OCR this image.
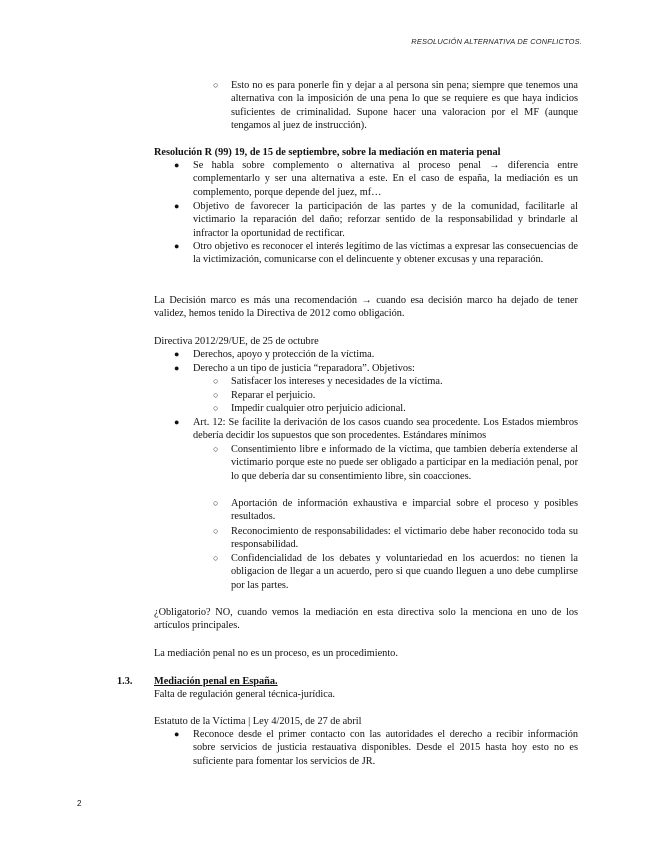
RESOLUCIÓN ALTERNATIVA DE CONFLICTOS.
○ Esto no es para ponerle fin y dejar a al persona sin pena; siempre que tenemos una alternativa con la imposición de una pena lo que se requiere es que haya indicios suficientes de criminalidad. Supone hacer una valoracion por el MF (aunque tengamos al juez de instrucción).
Resolución R (99) 19, de 15 de septiembre, sobre la mediación en materia penal
● Se habla sobre complemento o alternativa al proceso penal → diferencia entre complementarlo y ser una alternativa a este. En el caso de españa, la mediación es un complemento, porque depende del juez, mf…
● Objetivo de favorecer la participación de las partes y de la comunidad, facilitarle al victimario la reparación del daño; reforzar sentido de la responsabilidad y brindarle al infractor la oportunidad de rectificar.
● Otro objetivo es reconocer el interés legítimo de las víctimas a expresar las consecuencias de la victimización, comunicarse con el delincuente y obtener excusas y una reparación.
La Decisión marco es más una recomendación → cuando esa decisión marco ha dejado de tener validez, hemos tenido la Directiva de 2012 como obligación.
Directiva 2012/29/UE, de 25 de octubre
● Derechos, apoyo y protección de la víctima.
● Derecho a un tipo de justicia “reparadora”. Objetivos:
○ Satisfacer los intereses y necesidades de la víctima.
○ Reparar el perjuicio.
○ Impedir cualquier otro perjuicio adicional.
● Art. 12: Se facilite la derivación de los casos cuando sea procedente. Los Estados miembros debería decidir los supuestos que son procedentes. Estándares mínimos
○ Consentimiento libre e informado de la víctima, que tambien debería extenderse al victimario porque este no puede ser obligado a participar en la mediación penal, por lo que debería dar su consentimiento libre, sin coacciones.
○ Aportación de información exhaustiva e imparcial sobre el proceso y posibles resultados.
○ Reconocimiento de responsabilidades: el victimario debe haber reconocido toda su responsabilidad.
○ Confidencialidad de los debates y voluntariedad en los acuerdos: no tienen la obligacion de llegar a un acuerdo, pero si que cuando lleguen a uno debe cumplirse por las partes.
¿Obligatorio? NO, cuando vemos la mediación en esta directiva solo la menciona en uno de los artículos principales.
La mediación penal no es un proceso, es un procedimiento.
1.3. Mediación penal en España.
Falta de regulación general técnica-jurídica.
Estatuto de la Víctima | Ley 4/2015, de 27 de abril
● Reconoce desde el primer contacto con las autoridades el derecho a recibir información sobre servicios de justicia restauativa disponibles. Desde el 2015 hasta hoy esto no es suficiente para fomentar los servicios de JR.
2
